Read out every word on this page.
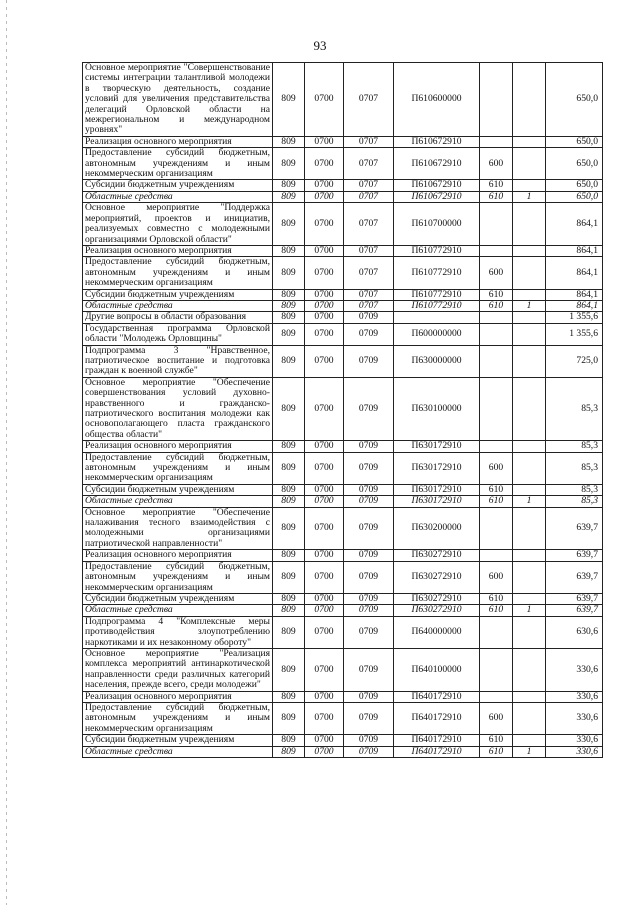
93
Основное мероприятие "Совершенствование системы интеграции талантливой молодежи в творческую деятельность, создание условий для увеличения представительства делегаций Орловской области на межрегиональном и международном уровнях"	809	0700	0707	П610600000			650,0
Реализация основного мероприятия	809	0700	0707	П610672910			650,0
Предоставление субсидий бюджетным, автономным учреждениям и иным некоммерческим организациям	809	0700	0707	П610672910	600		650,0
Субсидии бюджетным учреждениям	809	0700	0707	П610672910	610		650,0
Областные средства	809	0700	0707	П610672910	610	1	650,0
Основное мероприятие "Поддержка мероприятий, проектов и инициатив, реализуемых совместно с молодежными организациями Орловской области"	809	0700	0707	П610700000			864,1
Реализация основного мероприятия	809	0700	0707	П610772910			864,1
Предоставление субсидий бюджетным, автономным учреждениям и иным некоммерческим организациям	809	0700	0707	П610772910	600		864,1
Субсидии бюджетным учреждениям	809	0700	0707	П610772910	610		864,1
Областные средства	809	0700	0707	П610772910	610	1	864,1
Другие вопросы в области образования	809	0700	0709				1 355,6
Государственная программа Орловской области "Молодежь Орловщины"	809	0700	0709	П600000000			1 355,6
Подпрограмма 3 "Нравственное, патриотическое воспитание и подготовка граждан к военной службе"	809	0700	0709	П630000000			725,0
Основное мероприятие "Обеспечение совершенствования условий духовно-нравственного и гражданско-патриотического воспитания молодежи как основополагающего пласта гражданского общества области"	809	0700	0709	П630100000			85,3
Реализация основного мероприятия	809	0700	0709	П630172910			85,3
Предоставление субсидий бюджетным, автономным учреждениям и иным некоммерческим организациям	809	0700	0709	П630172910	600		85,3
Субсидии бюджетным учреждениям	809	0700	0709	П630172910	610		85,3
Областные средства	809	0700	0709	П630172910	610	1	85,3
Основное мероприятие "Обеспечение налаживания тесного взаимодействия с молодежными организациями патриотической направленности"	809	0700	0709	П630200000			639,7
Реализация основного мероприятия	809	0700	0709	П630272910			639,7
Предоставление субсидий бюджетным, автономным учреждениям и иным некоммерческим организациям	809	0700	0709	П630272910	600		639,7
Субсидии бюджетным учреждениям	809	0700	0709	П630272910	610		639,7
Областные средства	809	0700	0709	П630272910	610	1	639,7
Подпрограмма 4 "Комплексные меры противодействия злоупотреблению наркотиками и их незаконному обороту"	809	0700	0709	П640000000			630,6
Основное мероприятие "Реализация комплекса мероприятий антинаркотической направленности среди различных категорий населения, прежде всего, среди молодежи"	809	0700	0709	П640100000			330,6
Реализация основного мероприятия	809	0700	0709	П640172910			330,6
Предоставление субсидий бюджетным, автономным учреждениям и иным некоммерческим организациям	809	0700	0709	П640172910	600		330,6
Субсидии бюджетным учреждениям	809	0700	0709	П640172910	610		330,6
Областные средства	809	0700	0709	П640172910	610	1	330,6
